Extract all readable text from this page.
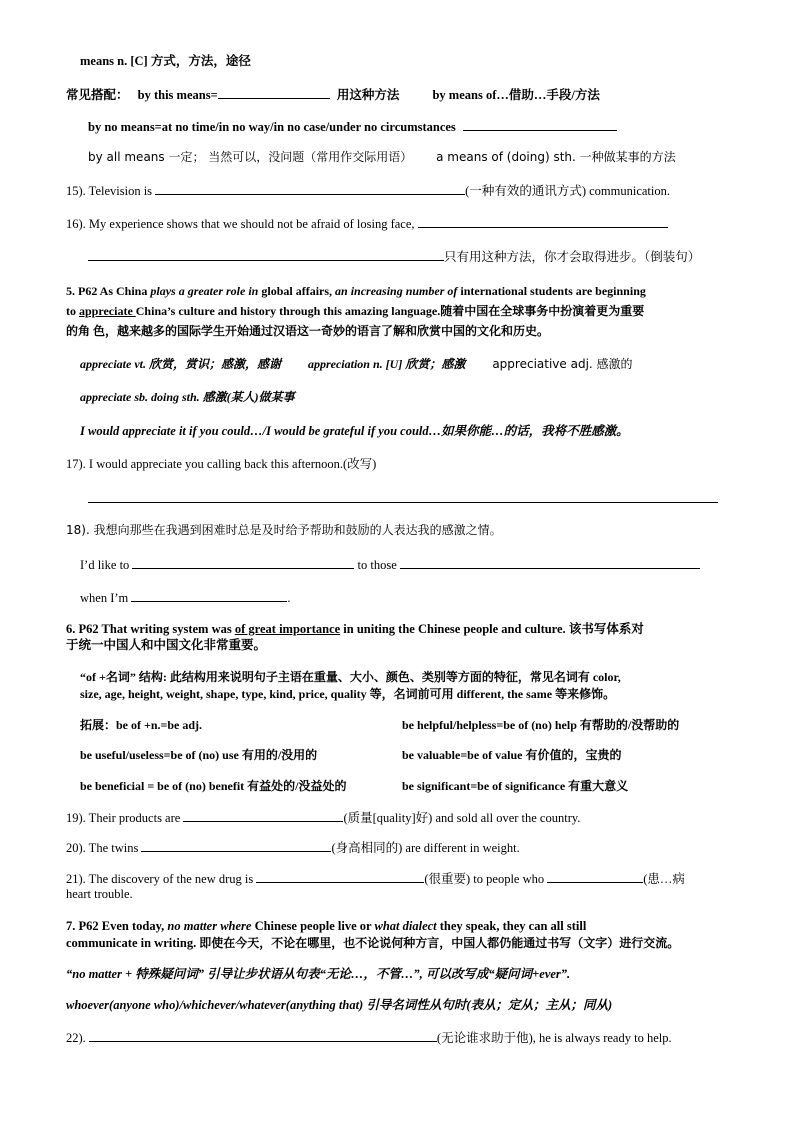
means n. [C] 方式，方法，途径
常见搭配： by this means=	用这种方法	by means of…借助…手段/方法
by no means=at no time/in no way/in no case/under no circumstances
by all means 一定； 当然可以，没问题（常用作交际用语） a means of (doing) sth. 一种做某事的方法
15). Television is	(一种有效的通讯方式) communication.
16). My experience shows that we should not be afraid of losing face,
只有用这种方法，你才会取得进步。（倒装句）
5. P62 As China plays a greater role in global affairs, an increasing number of international students are beginning
to appreciate China’s culture and history through this amazing language.随着中国在全球事务中扮演着更为重要
的角 色，越来越多的国际学生开始通过汉语这一奇妙的语言了解和欣赏中国的文化和历史。
appreciate vt. 欣赏，赏识；感激，感谢 appreciation n. [U] 欣赏；感激 appreciative adj. 感激的
appreciate sb. doing sth. 感激(某人)做某事
I would appreciate it if you could…/I would be grateful if you could…如果你能…的话，我将不胜感激。
17). I would appreciate you calling back this afternoon.(改写)
18). 我想向那些在我遇到困难时总是及时给予帮助和鼓励的人表达我的感激之情。
I’d like to	to those
when I’m	.
6. P62 That writing system was of great importance in uniting the Chinese people and culture. 该书写体系对
于统一中国人和中国文化非常重要。
“of +名词” 结构: 此结构用来说明句子主语在重量、大小、颜色、类别等方面的特征，常见名词有 color,
size, age, height, weight, shape, type, kind, price, quality 等，名词前可用 different, the same 等来修饰。
拓展：be of +n.=be adj.	be helpful/helpless=be of (no) help 有帮助的/没帮助的
be useful/useless=be of (no) use 有用的/没用的	be valuable=be of value 有价值的，宝贵的
be beneficial = be of (no) benefit 有益处的/没益处的	be significant=be of significance 有重大意义
19). Their products are	(质量[quality]好) and sold all over the country.
20). The twins	(身高相同的) are different in weight.
21). The discovery of the new drug is	(很重要) to people who	(患…病
heart trouble.
7. P62 Even today, no matter where Chinese people live or what dialect they speak, they can all still
communicate in writing. 即使在今天，不论在哪里，也不论说何种方言，中国人都仍能通过书写（文字）进行交流。
“no matter + 特殊疑问词” 引导让步状语从句表“无论…，不管…”, 可以改写成“疑问词+ever”.
whoever(anyone who)/whichever/whatever(anything that) 引导名词性从句时(表从；定从；主从；同从)
22).	(无论谁求助于他), he is always ready to help.
